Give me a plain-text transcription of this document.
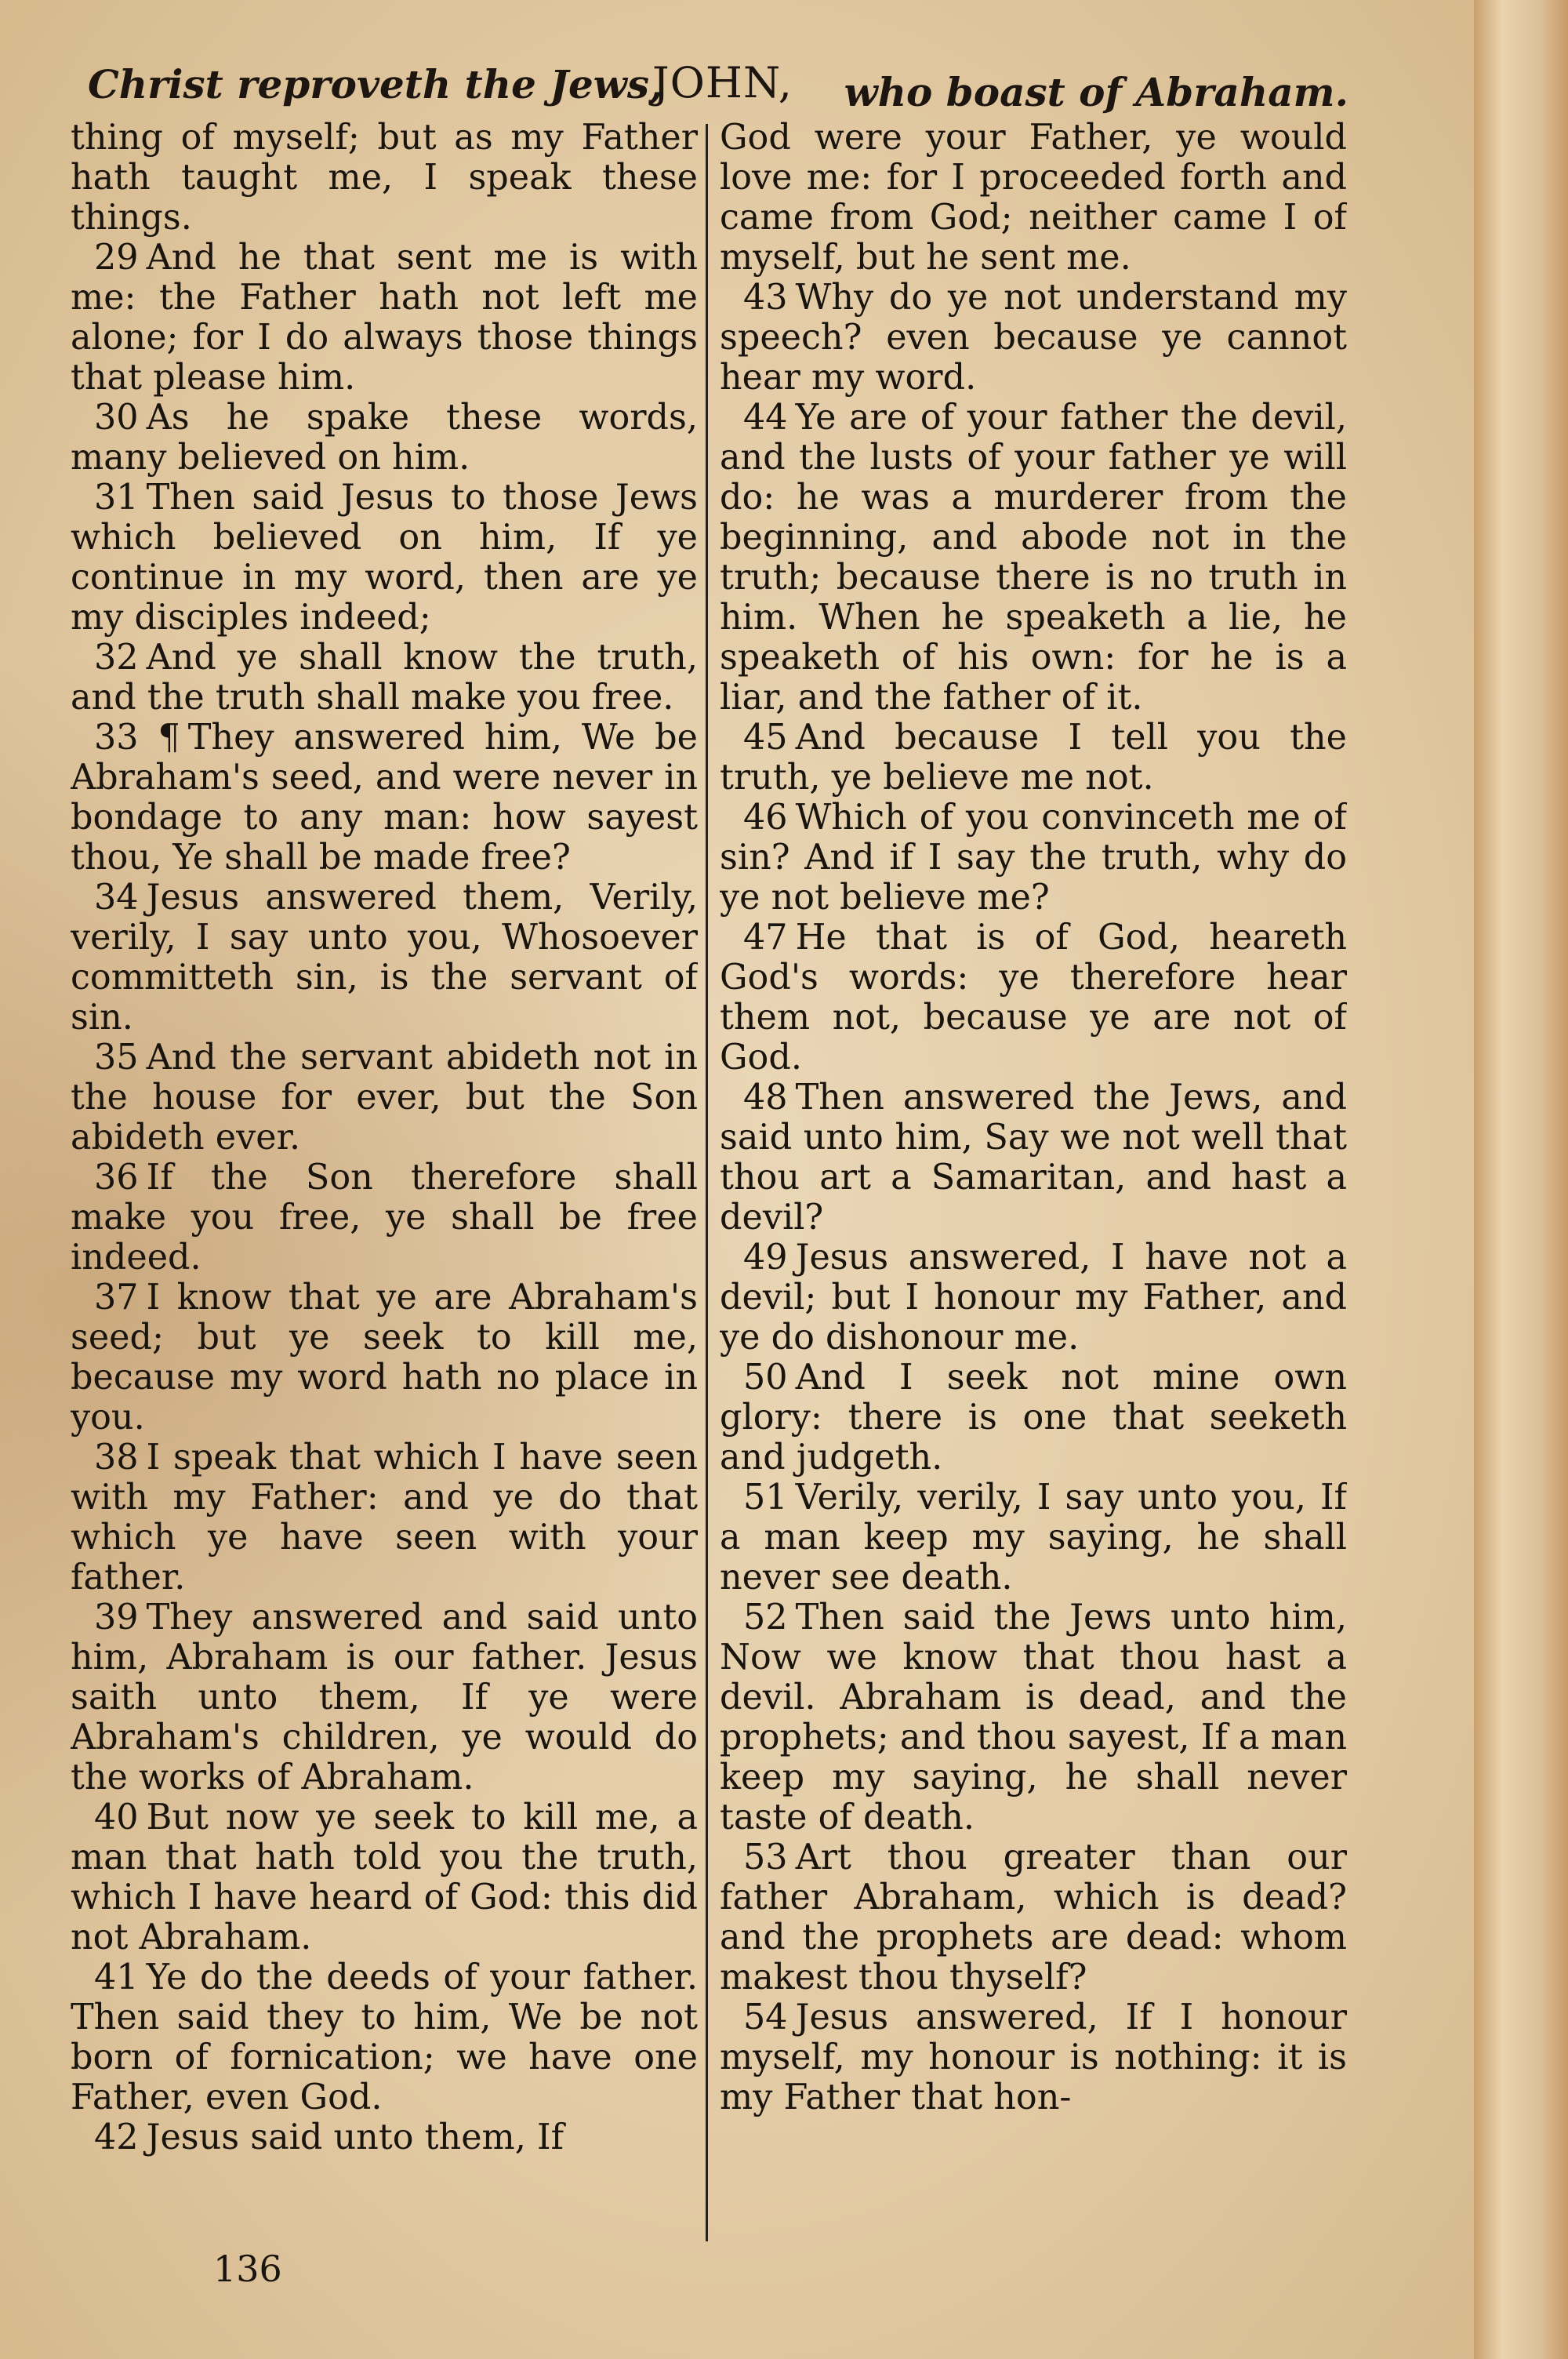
Christ reproveth the Jews,
JOHN, who boast of Abraham.

thing of myself; but as my Father hath taught me, I speak these things.

29 And he that sent me is with me: the Father hath not left me alone; for I do always those things that please him.

30 As he spake these words, many believed on him.

31 Then said Jesus to those Jews which believed on him, If ye continue in my word, then are ye my disciples indeed;

32 And ye shall know the truth, and the truth shall make you free.

33 ¶ They answered him, We be Abraham's seed, and were never in bondage to any man: how sayest thou, Ye shall be made free?

34 Jesus answered them, Verily, verily, I say unto you, Whosoever committeth sin, is the servant of sin.

35 And the servant abideth not in the house for ever, but the Son abideth ever.

36 If the Son therefore shall make you free, ye shall be free indeed.

37 I know that ye are Abraham's seed; but ye seek to kill me, because my word hath no place in you.

38 I speak that which I have seen with my Father: and ye do that which ye have seen with your father.

39 They answered and said unto him, Abraham is our father. Jesus saith unto them, If ye were Abraham's children, ye would do the works of Abraham.

40 But now ye seek to kill me, a man that hath told you the truth, which I have heard of God: this did not Abraham.

41 Ye do the deeds of your father. Then said they to him, We be not born of fornication; we have one Father, even God.

42 Jesus said unto them, If

God were your Father, ye would love me: for I proceeded forth and came from God; neither came I of myself, but he sent me.

43 Why do ye not understand my speech? even because ye cannot hear my word.

44 Ye are of your father the devil, and the lusts of your father ye will do: he was a murderer from the beginning, and abode not in the truth; because there is no truth in him. When he speaketh a lie, he speaketh of his own: for he is a liar, and the father of it.

45 And because I tell you the truth, ye believe me not.

46 Which of you convinceth me of sin? And if I say the truth, why do ye not believe me?

47 He that is of God, heareth God's words: ye therefore hear them not, because ye are not of God.

48 Then answered the Jews, and said unto him, Say we not well that thou art a Samaritan, and hast a devil?

49 Jesus answered, I have not a devil; but I honour my Father, and ye do dishonour me.

50 And I seek not mine own glory: there is one that seeketh and judgeth.

51 Verily, verily, I say unto you, If a man keep my saying, he shall never see death.

52 Then said the Jews unto him, Now we know that thou hast a devil. Abraham is dead, and the prophets; and thou sayest, If a man keep my saying, he shall never taste of death.

53 Art thou greater than our father Abraham, which is dead? and the prophets are dead: whom makest thou thyself?

54 Jesus answered, If I honour myself, my honour is nothing: it is my Father that hon-

136
